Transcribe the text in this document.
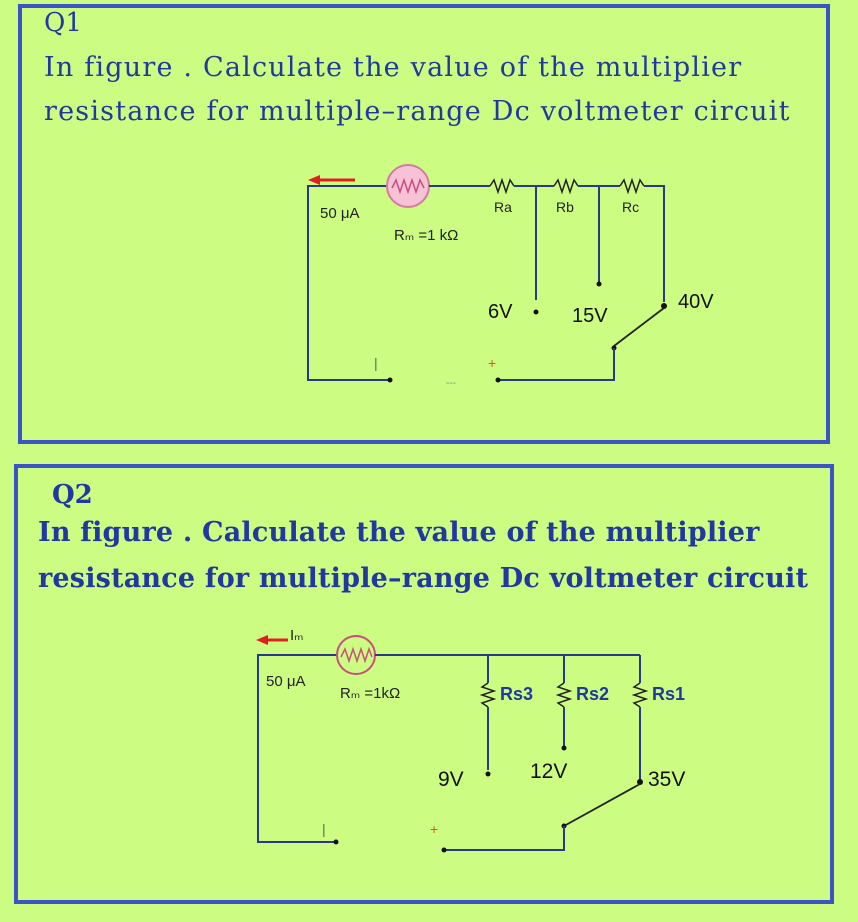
Q1
In figure . Calculate the value of the multiplier
resistance for multiple–range Dc voltmeter circuit
|
---
50 μA
Rₘ =1 kΩ
Ra	Rb	Rc
6V	15V
40V
+
Q2
In figure . Calculate the value of the multiplier
resistance for multiple–range Dc voltmeter circuit
Iₘ
|
50 μA
Rₘ =1kΩ	Rs3 Rs2 Rs1
9V	12V	35V
+
